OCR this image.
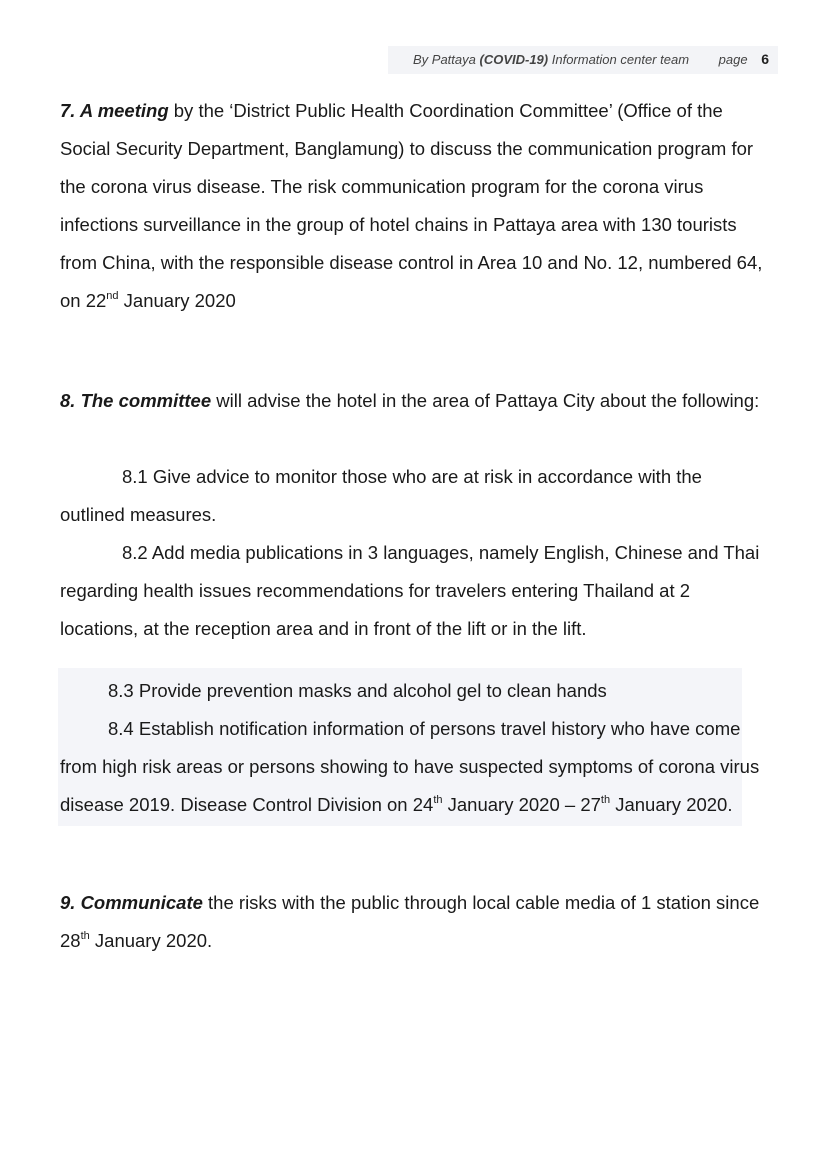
By Pattaya (COVID-19) Information center team page 6
7. A meeting by the ‘District Public Health Coordination Committee’ (Office of the Social Security Department, Banglamung) to discuss the communication program for the corona virus disease. The risk communication program for the corona virus infections surveillance in the group of hotel chains in Pattaya area with 130 tourists from China, with the responsible disease control in Area 10 and No. 12, numbered 64, on 22nd January 2020
8. The committee will advise the hotel in the area of Pattaya City about the following:
8.1 Give advice to monitor those who are at risk in accordance with the outlined measures.
8.2 Add media publications in 3 languages, namely English, Chinese and Thai regarding health issues recommendations for travelers entering Thailand at 2 locations, at the reception area and in front of the lift or in the lift.
8.3 Provide prevention masks and alcohol gel to clean hands
8.4 Establish notification information of persons travel history who have come from high risk areas or persons showing to have suspected symptoms of corona virus disease 2019. Disease Control Division on 24th January 2020 – 27th January 2020.
9. Communicate the risks with the public through local cable media of 1 station since 28th January 2020.
